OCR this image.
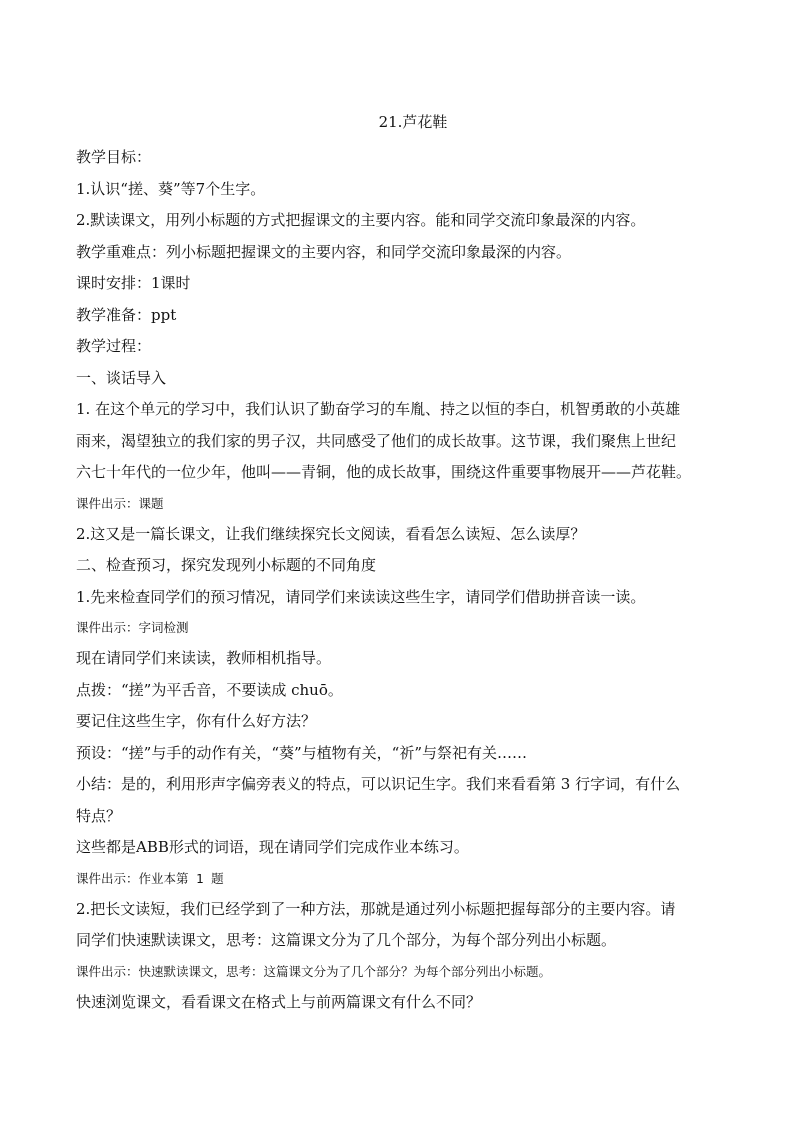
21.芦花鞋
教学目标：
1.认识“搓、葵”等7个生字。
2.默读课文，用列小标题的方式把握课文的主要内容。能和同学交流印象最深的内容。
教学重难点：列小标题把握课文的主要内容，和同学交流印象最深的内容。
课时安排：1课时
教学准备：ppt
教学过程：
一、谈话导入
1. 在这个单元的学习中，我们认识了勤奋学习的车胤、持之以恒的李白，机智勇敢的小英雄
雨来，渴望独立的我们家的男子汉，共同感受了他们的成长故事。这节课，我们聚焦上世纪
六七十年代的一位少年，他叫——青铜，他的成长故事，围绕这件重要事物展开——芦花鞋。
课件出示：课题
2.这又是一篇长课文，让我们继续探究长文阅读，看看怎么读短、怎么读厚？
二、检查预习，探究发现列小标题的不同角度
1.先来检查同学们的预习情况，请同学们来读读这些生字，请同学们借助拼音读一读。
课件出示：字词检测
现在请同学们来读读，教师相机指导。
点拨：“搓”为平舌音，不要读成 chuō。
要记住这些生字，你有什么好方法？
预设：“搓”与手的动作有关，“葵”与植物有关，“祈”与祭祀有关……
小结：是的，利用形声字偏旁表义的特点，可以识记生字。我们来看看第 3 行字词，有什么
特点？
这些都是ABB形式的词语，现在请同学们完成作业本练习。
课件出示：作业本第 1 题
2.把长文读短，我们已经学到了一种方法，那就是通过列小标题把握每部分的主要内容。请
同学们快速默读课文，思考：这篇课文分为了几个部分，为每个部分列出小标题。
课件出示：快速默读课文，思考：这篇课文分为了几个部分？为每个部分列出小标题。
快速浏览课文，看看课文在格式上与前两篇课文有什么不同？
